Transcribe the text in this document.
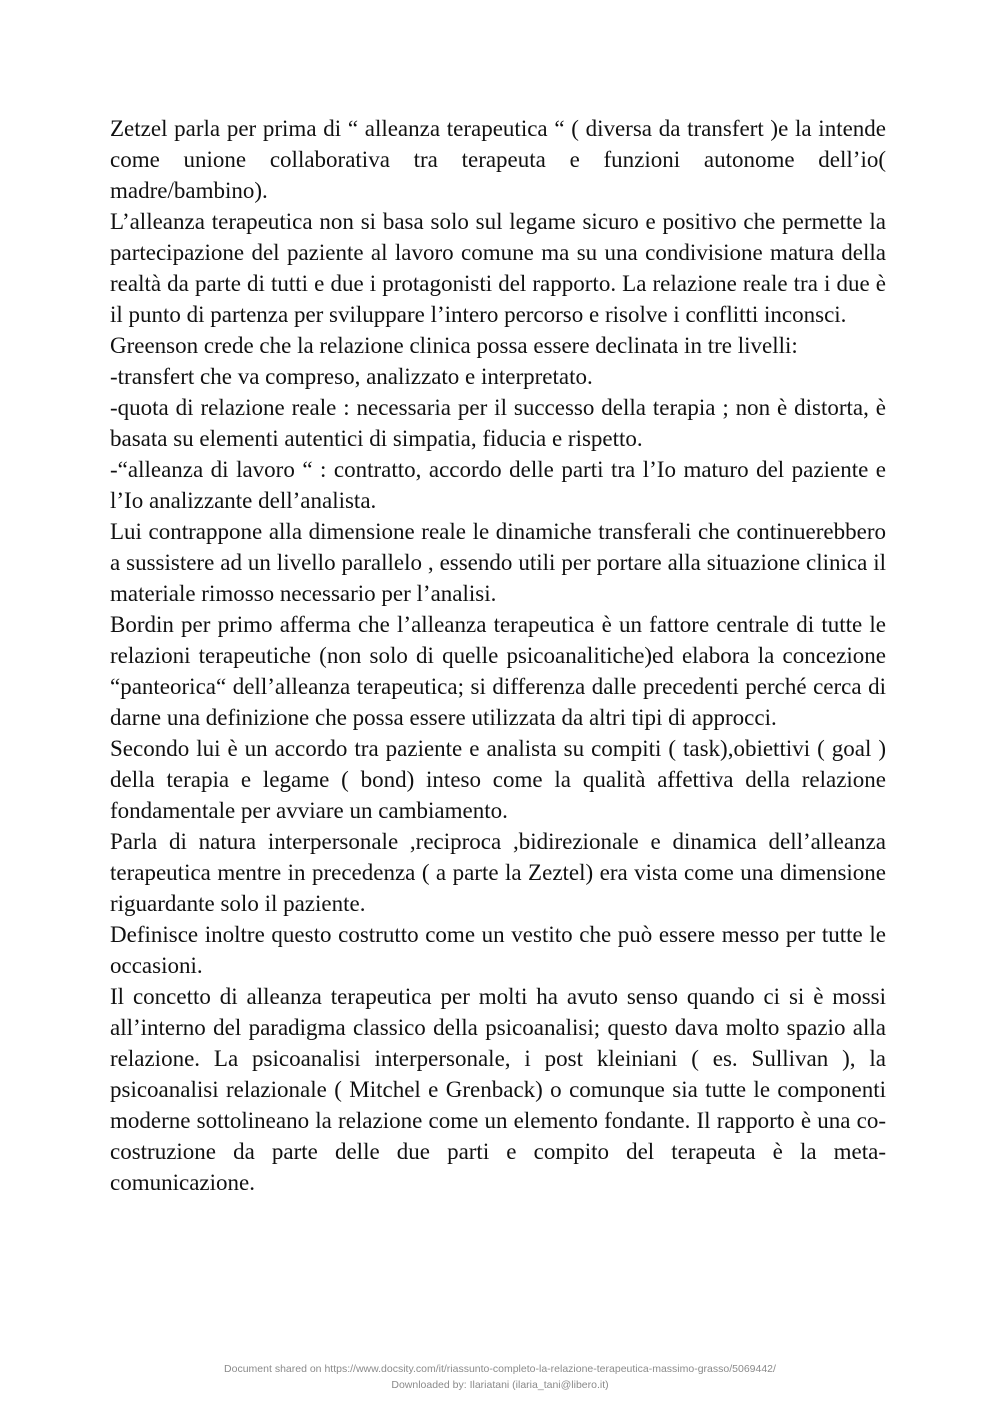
Zetzel parla per prima di “ alleanza terapeutica “ ( diversa da transfert )e la intende come unione collaborativa tra terapeuta e funzioni autonome dell’io( madre/bambino).

L’alleanza terapeutica non si basa solo sul legame sicuro e positivo che permette la partecipazione del paziente al lavoro comune ma su una condivisione matura della realtà da parte di tutti e due i protagonisti del rapporto. La relazione reale tra i due è il punto di partenza per sviluppare l’intero percorso e risolve i conflitti inconsci.

Greenson crede che la relazione clinica possa essere declinata in tre livelli:

-transfert che va compreso, analizzato e interpretato.

-quota di relazione reale : necessaria per il successo della terapia ; non è distorta, è basata su elementi autentici di simpatia, fiducia e rispetto.

-“alleanza di lavoro “ : contratto, accordo delle parti tra l’Io maturo del paziente e l’Io analizzante dell’analista.

Lui contrappone alla dimensione reale le dinamiche transferali che continuerebbero a sussistere ad un livello parallelo , essendo utili per portare alla situazione clinica il materiale rimosso necessario per l’analisi.

Bordin per primo afferma che l’alleanza terapeutica è un fattore centrale di tutte le relazioni terapeutiche (non solo di quelle psicoanalitiche)ed elabora la concezione “panteorica“ dell’alleanza terapeutica; si differenza dalle precedenti perché cerca di darne una definizione che possa essere utilizzata da altri tipi di approcci.

Secondo lui è un accordo tra paziente e analista su compiti ( task),obiettivi ( goal ) della terapia e legame ( bond) inteso come la qualità affettiva della relazione fondamentale per avviare un cambiamento.

Parla di natura interpersonale ,reciproca ,bidirezionale e dinamica dell’alleanza terapeutica mentre in precedenza ( a parte la Zeztel) era vista come una dimensione riguardante solo il paziente.

Definisce inoltre questo costrutto come un vestito che può essere messo per tutte le occasioni.

Il concetto di alleanza terapeutica per molti ha avuto senso quando ci si è mossi all’interno del paradigma classico della psicoanalisi; questo dava molto spazio alla relazione. La psicoanalisi interpersonale, i post kleiniani ( es. Sullivan ), la psicoanalisi relazionale ( Mitchel e Grenback) o comunque sia tutte le componenti moderne sottolineano la relazione come un elemento fondante. Il rapporto è una co-costruzione da parte delle due parti e compito del terapeuta è la meta-comunicazione.

Document shared on https://www.docsity.com/it/riassunto-completo-la-relazione-terapeutica-massimo-grasso/5069442/
Downloaded by: Ilariatani (ilaria_tani@libero.it)
